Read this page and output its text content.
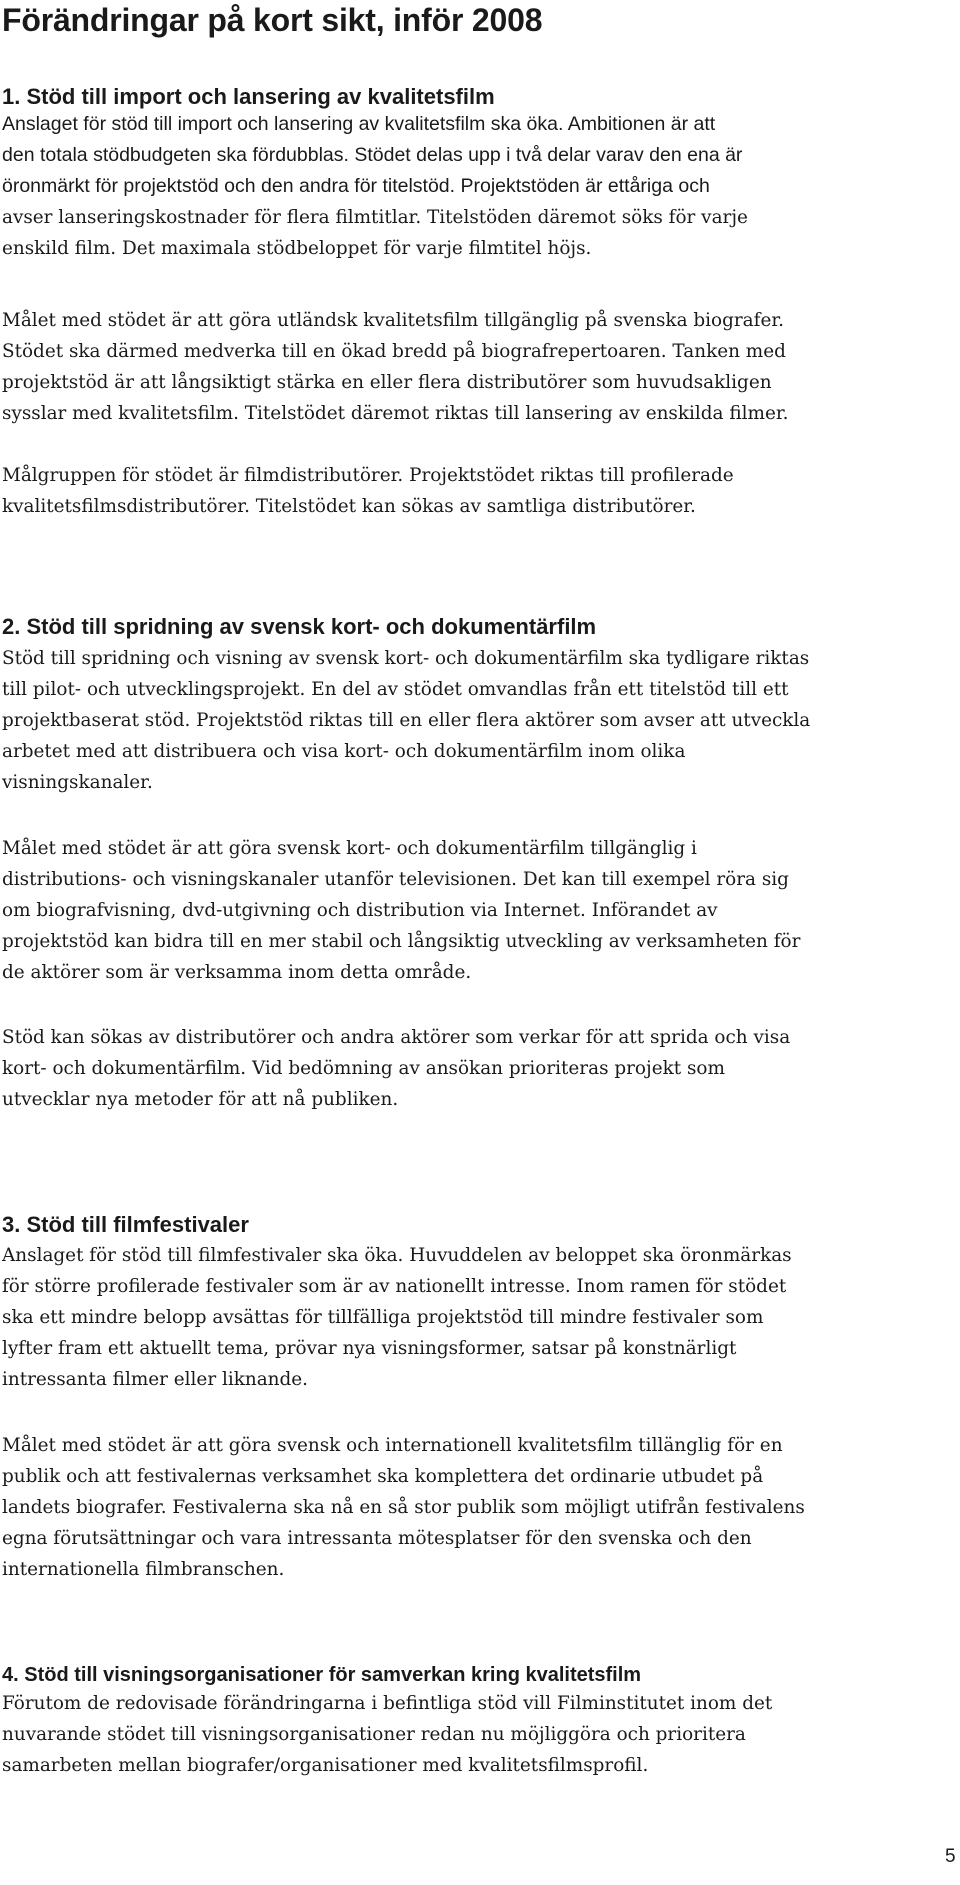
Förändringar på kort sikt, inför 2008
1. Stöd till import och lansering av kvalitetsfilm
Anslaget för stöd till import och lansering av kvalitetsfilm ska öka. Ambitionen är att
den totala stödbudgeten ska fördubblas. Stödet delas upp i två delar varav den ena är
öronmärkt för projektstöd och den andra för titelstöd. Projektstöden är ettåriga och
avser lanseringskostnader för flera filmtitlar. Titelstöden däremot söks för varje
enskild film. Det maximala stödbeloppet för varje filmtitel höjs.
Målet med stödet är att göra utländsk kvalitetsfilm tillgänglig på svenska biografer.
Stödet ska därmed medverka till en ökad bredd på biografrepertoaren. Tanken med
projektstöd är att långsiktigt stärka en eller flera distributörer som huvudsakligen
sysslar med kvalitetsfilm. Titelstödet däremot riktas till lansering av enskilda filmer.
Målgruppen för stödet är filmdistributörer. Projektstödet riktas till profilerade
kvalitetsfilmsdistributörer. Titelstödet kan sökas av samtliga distributörer.
2. Stöd till spridning av svensk kort- och dokumentärfilm
Stöd till spridning och visning av svensk kort- och dokumentärfilm ska tydligare riktas
till pilot- och utvecklingsprojekt. En del av stödet omvandlas från ett titelstöd till ett
projektbaserat stöd. Projektstöd riktas till en eller flera aktörer som avser att utveckla
arbetet med att distribuera och visa kort- och dokumentärfilm inom olika
visningskanaler.
Målet med stödet är att göra svensk kort- och dokumentärfilm tillgänglig i
distributions- och visningskanaler utanför televisionen. Det kan till exempel röra sig
om biografvisning, dvd-utgivning och distribution via Internet. Införandet av
projektstöd kan bidra till en mer stabil och långsiktig utveckling av verksamheten för
de aktörer som är verksamma inom detta område.
Stöd kan sökas av distributörer och andra aktörer som verkar för att sprida och visa
kort- och dokumentärfilm. Vid bedömning av ansökan prioriteras projekt som
utvecklar nya metoder för att nå publiken.
3. Stöd till filmfestivaler
Anslaget för stöd till filmfestivaler ska öka. Huvuddelen av beloppet ska öronmärkas
för större profilerade festivaler som är av nationellt intresse. Inom ramen för stödet
ska ett mindre belopp avsättas för tillfälliga projektstöd till mindre festivaler som
lyfter fram ett aktuellt tema, prövar nya visningsformer, satsar på konstnärligt
intressanta filmer eller liknande.
Målet med stödet är att göra svensk och internationell kvalitetsfilm tillänglig för en
publik och att festivalernas verksamhet ska komplettera det ordinarie utbudet på
landets biografer. Festivalerna ska nå en så stor publik som möjligt utifrån festivalens
egna förutsättningar och vara intressanta mötesplatser för den svenska och den
internationella filmbranschen.
4. Stöd till visningsorganisationer för samverkan kring kvalitetsfilm
Förutom de redovisade förändringarna i befintliga stöd vill Filminstitutet inom det
nuvarande stödet till visningsorganisationer redan nu möjliggöra och prioritera
samarbeten mellan biografer/organisationer med kvalitetsfilmsprofil.
5
